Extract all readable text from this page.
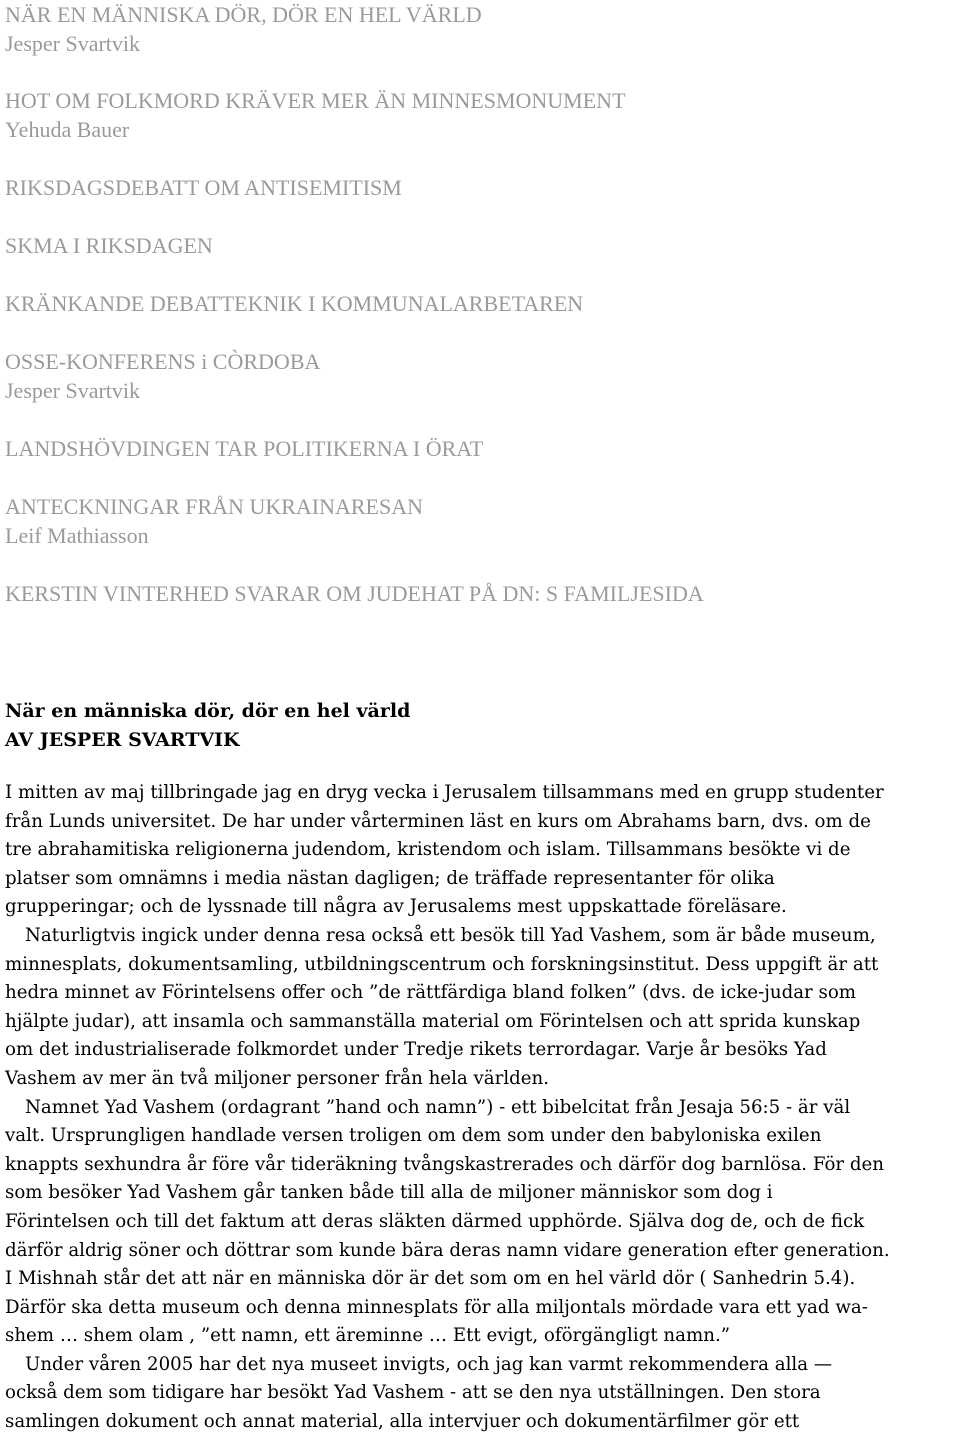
NÄR EN MÄNNISKA DÖR, DÖR EN HEL VÄRLD
Jesper Svartvik
HOT OM FOLKMORD KRÄVER MER ÄN MINNESMONUMENT
Yehuda Bauer
RIKSDAGSDEBATT OM ANTISEMITISM
SKMA I RIKSDAGEN
KRÄNKANDE DEBATTEKNIK I KOMMUNALARBETAREN
OSSE-KONFERENS i CÒRDOBA
Jesper Svartvik
LANDSHÖVDINGEN TAR POLITIKERNA I ÖRAT
ANTECKNINGAR FRÅN UKRAINARESAN
Leif Mathiasson
KERSTIN VINTERHED SVARAR OM JUDEHAT PÅ DN: S FAMILJESIDA
När en människa dör, dör en hel värld
AV JESPER SVARTVIK
I mitten av maj tillbringade jag en dryg vecka i Jerusalem tillsammans med en grupp studenter
från Lunds universitet. De har under vårterminen läst en kurs om Abrahams barn, dvs. om de
tre abrahamitiska religionerna judendom, kristendom och islam. Tillsammans besökte vi de
platser som omnämns i media nästan dagligen; de träffade representanter för olika
grupperingar; och de lyssnade till några av Jerusalems mest uppskattade föreläsare.
Naturligtvis ingick under denna resa också ett besök till Yad Vashem, som är både museum,
minnesplats, dokumentsamling, utbildningscentrum och forskningsinstitut. Dess uppgift är att
hedra minnet av Förintelsens offer och ”de rättfärdiga bland folken” (dvs. de icke-judar som
hjälpte judar), att insamla och sammanställa material om Förintelsen och att sprida kunskap
om det industrialiserade folkmordet under Tredje rikets terrordagar. Varje år besöks Yad
Vashem av mer än två miljoner personer från hela världen.
Namnet Yad Vashem (ordagrant ”hand och namn”) - ett bibelcitat från Jesaja 56:5 - är väl
valt. Ursprungligen handlade versen troligen om dem som under den babyloniska exilen
knappts sexhundra år före vår tideräkning tvångskastrerades och därför dog barnlösa. För den
som besöker Yad Vashem går tanken både till alla de miljoner människor som dog i
Förintelsen och till det faktum att deras släkten därmed upphörde. Själva dog de, och de fick
därför aldrig söner och döttrar som kunde bära deras namn vidare generation efter generation.
I Mishnah står det att när en människa dör är det som om en hel värld dör ( Sanhedrin 5.4).
Därför ska detta museum och denna minnesplats för alla miljontals mördade vara ett yad wa-
shem … shem olam , ”ett namn, ett äreminne … Ett evigt, oförgängligt namn.”
Under våren 2005 har det nya museet invigts, och jag kan varmt rekommendera alla —
också dem som tidigare har besökt Yad Vashem - att se den nya utställningen. Den stora
samlingen dokument och annat material, alla intervjuer och dokumentärfilmer gör ett
